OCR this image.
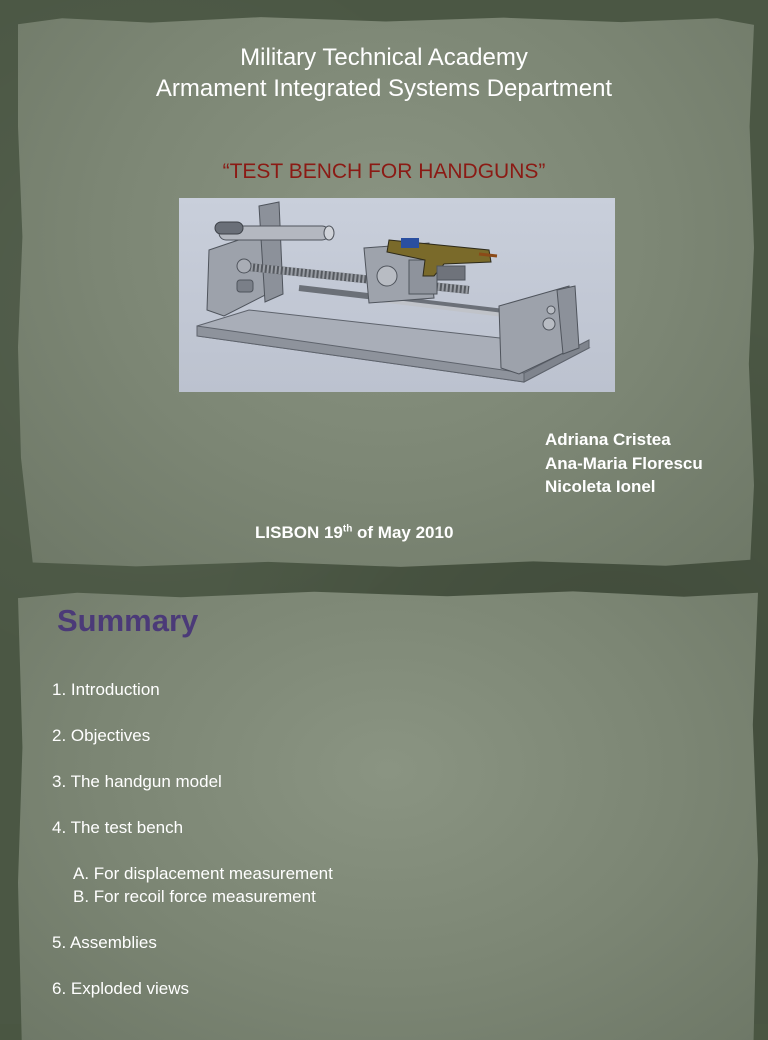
Military Technical Academy
Armament Integrated Systems Department
“TEST BENCH FOR HANDGUNS”
Adriana Cristea
Ana-Maria Florescu
Nicoleta Ionel
LISBON 19th of May 2010
Summary
1. Introduction
2. Objectives
3. The handgun model
4. The test bench
A. For displacement measurement
B. For recoil force measurement
5. Assemblies
6. Exploded views
